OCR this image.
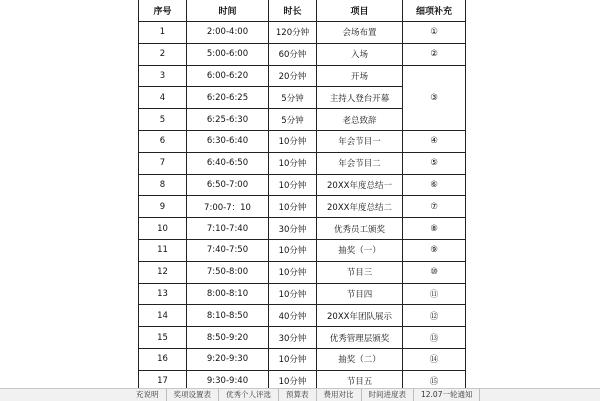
序号	时间	时长	项目	细项补充
1	2:00-4:00	120分钟	会场布置	①
2	5:00-6:00	60分钟	入场	②
3	6:00-6:20	20分钟	开场	③
4	6:20-6:25	5分钟	主持人登台开幕	
5	6:25-6:30	5分钟	老总致辞	
6	6:30-6:40	10分钟	年会节目一	④
7	6:40-6:50	10分钟	年会节目二	⑤
8	6:50-7:00	10分钟	20XX年度总结一	⑥
9	7:00-7：10	10分钟	20XX年度总结二	⑦
10	7:10-7:40	30分钟	优秀员工颁奖	⑧
11	7:40-7:50	10分钟	抽奖（一）	⑨
12	7:50-8:00	10分钟	节目三	⑩
13	8:00-8:10	10分钟	节目四	⑪
14	8:10-8:50	40分钟	20XX年团队展示	⑫
15	8:50-9:20	30分钟	优秀管理层颁奖	⑬
16	9:20-9:30	10分钟	抽奖（二）	⑭
17	9:30-9:40	10分钟	节目五	⑮
充说明	奖项设置表	优秀个人评选	预算表	费用对比	时间进度表	12.07一轮通知
